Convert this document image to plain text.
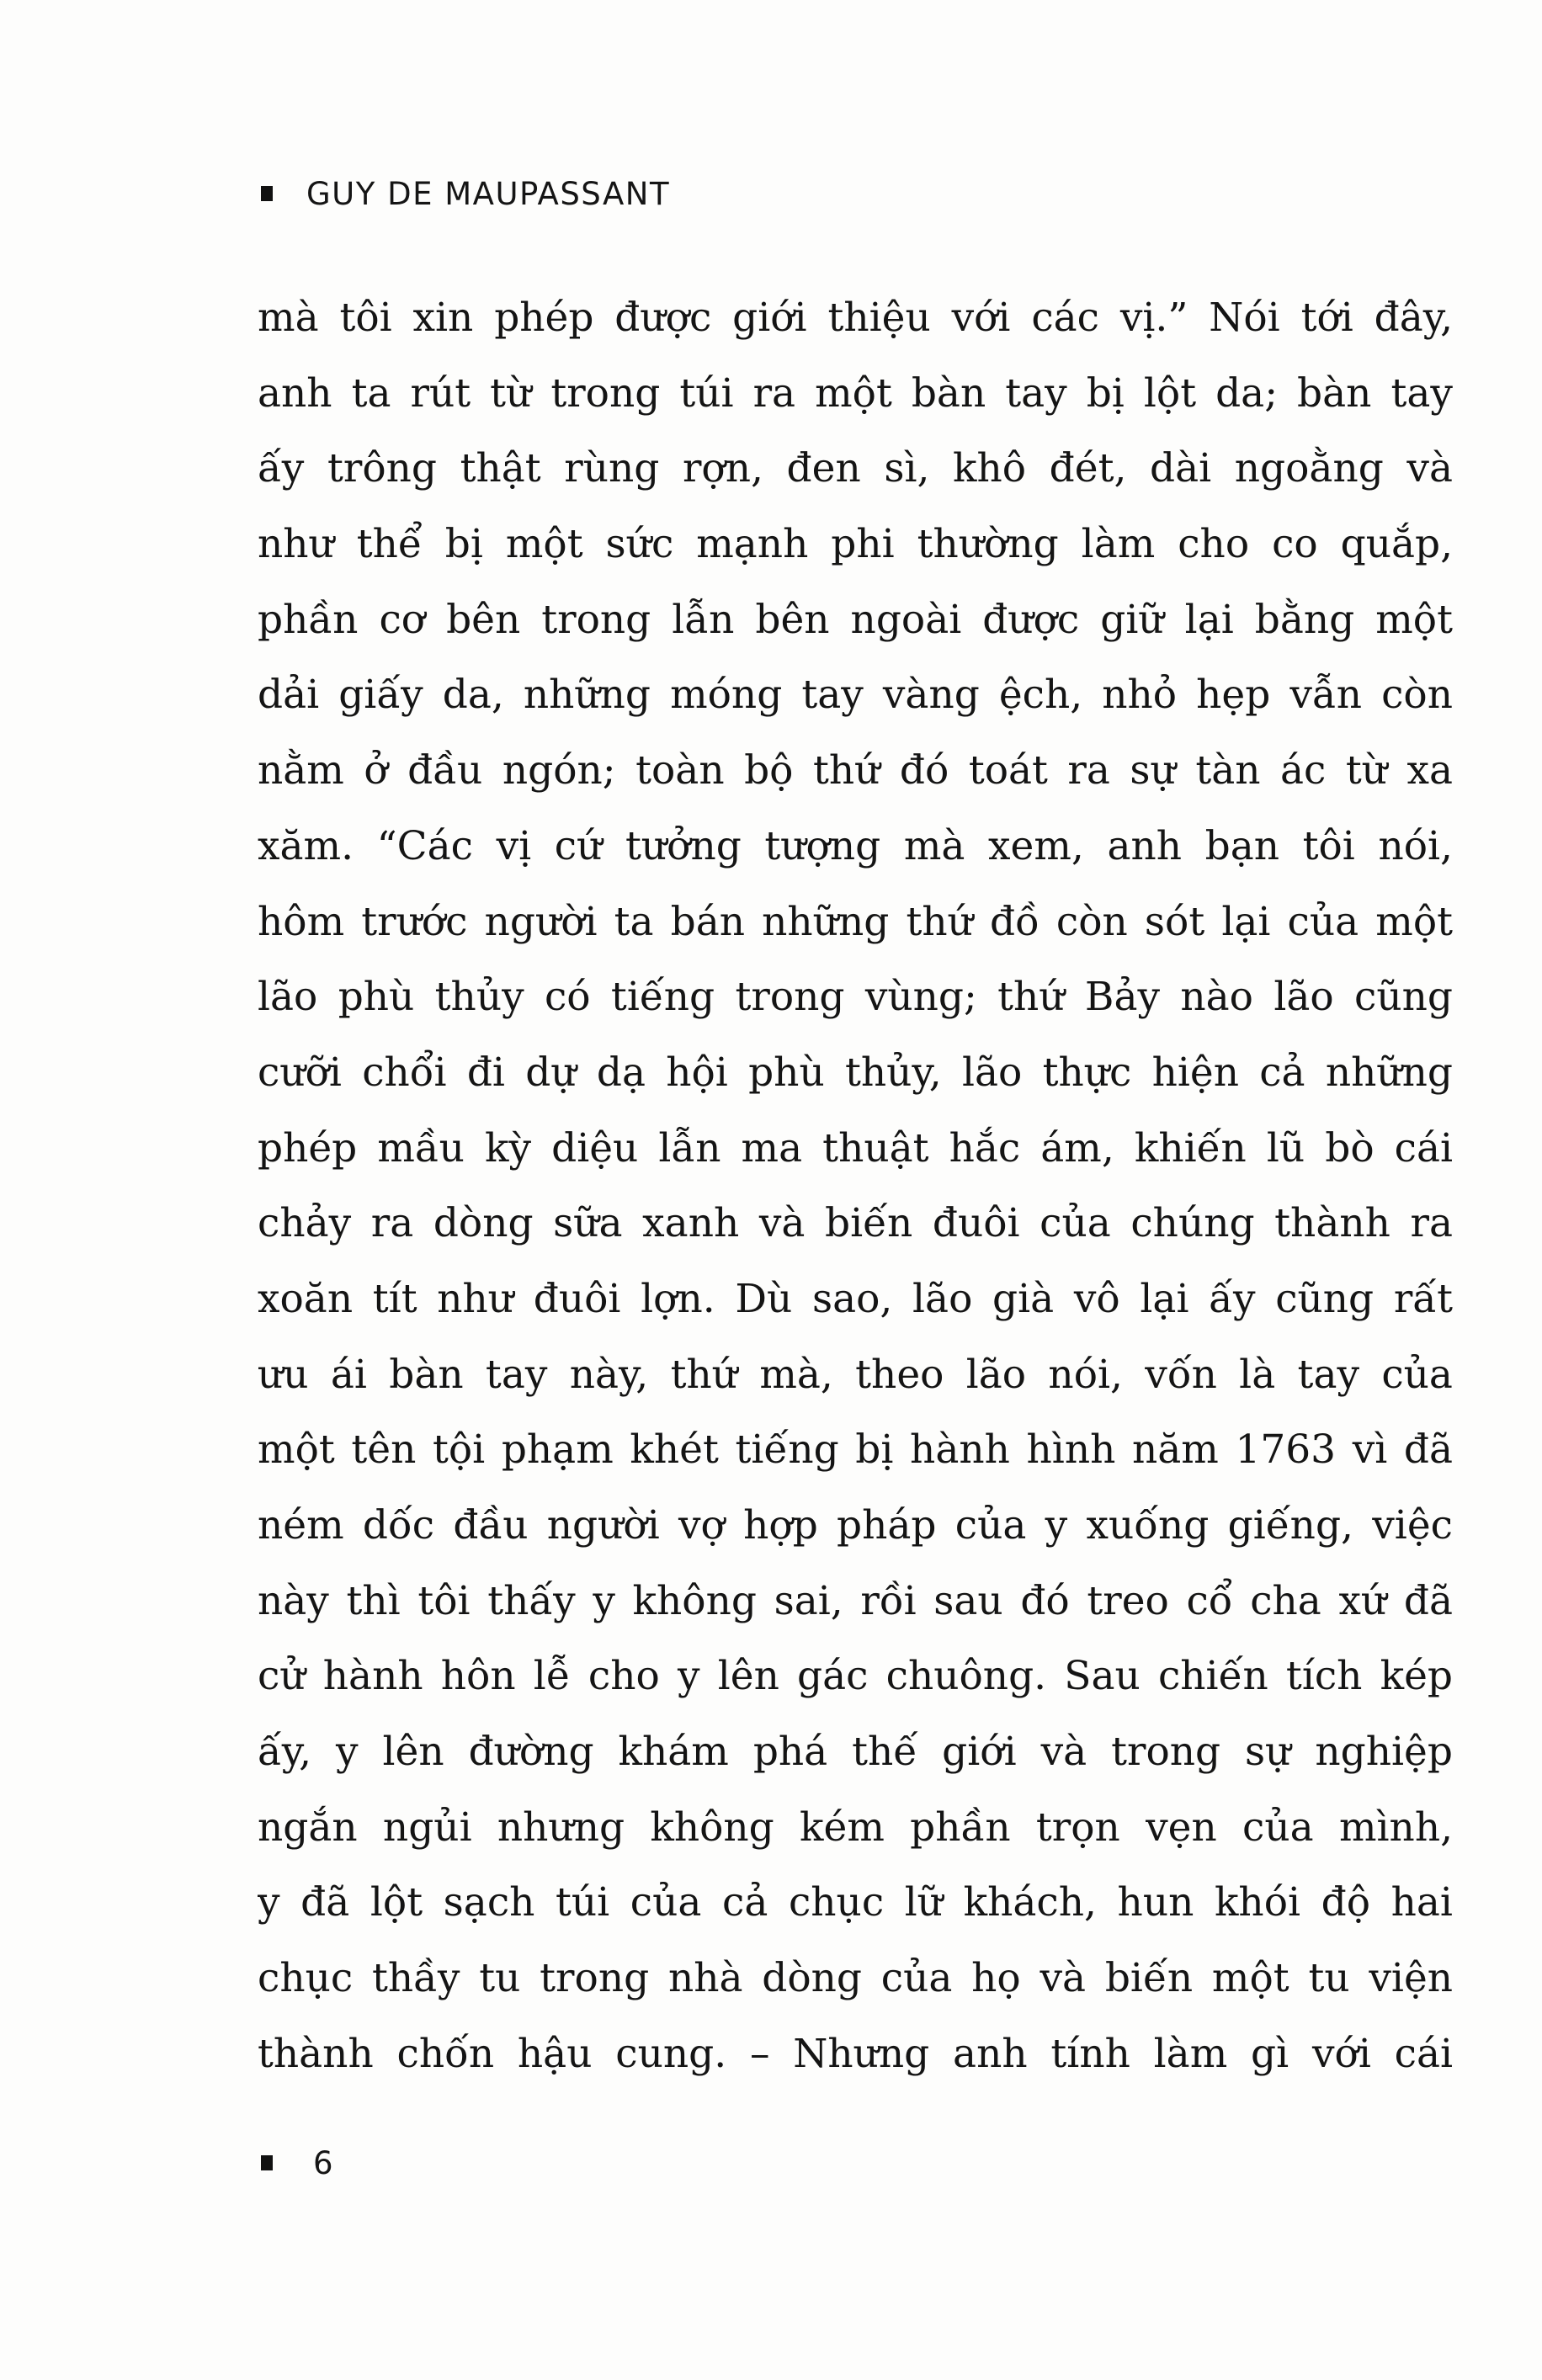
GUY DE MAUPASSANT
mà tôi xin phép được giới thiệu với các vị.” Nói tới đây,
anh ta rút từ trong túi ra một bàn tay bị lột da; bàn tay
ấy trông thật rùng rợn, đen sì, khô đét, dài ngoằng và
như thể bị một sức mạnh phi thường làm cho co quắp,
phần cơ bên trong lẫn bên ngoài được giữ lại bằng một
dải giấy da, những móng tay vàng ệch, nhỏ hẹp vẫn còn
nằm ở đầu ngón; toàn bộ thứ đó toát ra sự tàn ác từ xa
xăm. “Các vị cứ tưởng tượng mà xem, anh bạn tôi nói,
hôm trước người ta bán những thứ đồ còn sót lại của một
lão phù thủy có tiếng trong vùng; thứ Bảy nào lão cũng
cưỡi chổi đi dự dạ hội phù thủy, lão thực hiện cả những
phép mầu kỳ diệu lẫn ma thuật hắc ám, khiến lũ bò cái
chảy ra dòng sữa xanh và biến đuôi của chúng thành ra
xoăn tít như đuôi lợn. Dù sao, lão già vô lại ấy cũng rất
ưu ái bàn tay này, thứ mà, theo lão nói, vốn là tay của
một tên tội phạm khét tiếng bị hành hình năm 1763 vì đã
ném dốc đầu người vợ hợp pháp của y xuống giếng, việc
này thì tôi thấy y không sai, rồi sau đó treo cổ cha xứ đã
cử hành hôn lễ cho y lên gác chuông. Sau chiến tích kép
ấy, y lên đường khám phá thế giới và trong sự nghiệp
ngắn ngủi nhưng không kém phần trọn vẹn của mình,
y đã lột sạch túi của cả chục lữ khách, hun khói độ hai
chục thầy tu trong nhà dòng của họ và biến một tu viện
thành chốn hậu cung. – Nhưng anh tính làm gì với cái
6
